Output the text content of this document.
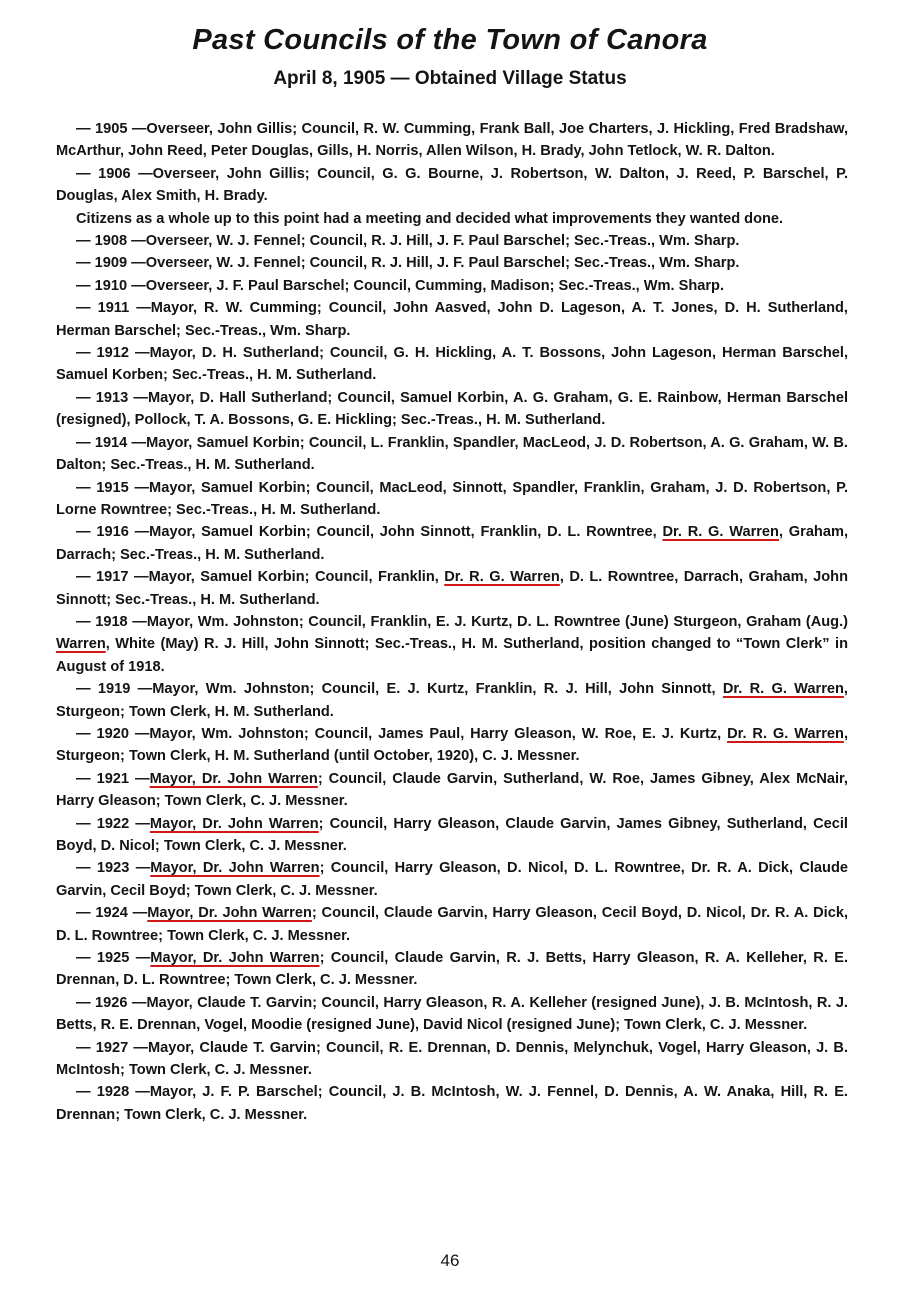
Past Councils of the Town of Canora
April 8, 1905 — Obtained Village Status

— 1905 —Overseer, John Gillis; Council, R. W. Cumming, Frank Ball, Joe Charters, J. Hickling, Fred Bradshaw, McArthur, John Reed, Peter Douglas, Gills, H. Norris, Allen Wilson, H. Brady, John Tetlock, W. R. Dalton.

— 1906 —Overseer, John Gillis; Council, G. G. Bourne, J. Robertson, W. Dalton, J. Reed, P. Barschel, P. Douglas, Alex Smith, H. Brady.

Citizens as a whole up to this point had a meeting and decided what improvements they wanted done.

— 1908 —Overseer, W. J. Fennel; Council, R. J. Hill, J. F. Paul Barschel; Sec.-Treas., Wm. Sharp.

— 1909 —Overseer, W. J. Fennel; Council, R. J. Hill, J. F. Paul Barschel; Sec.-Treas., Wm. Sharp.

— 1910 —Overseer, J. F. Paul Barschel; Council, Cumming, Madison; Sec.-Treas., Wm. Sharp.

— 1911 —Mayor, R. W. Cumming; Council, John Aasved, John D. Lageson, A. T. Jones, D. H. Sutherland, Herman Barschel; Sec.-Treas., Wm. Sharp.

— 1912 —Mayor, D. H. Sutherland; Council, G. H. Hickling, A. T. Bossons, John Lageson, Herman Barschel, Samuel Korben; Sec.-Treas., H. M. Sutherland.

— 1913 —Mayor, D. Hall Sutherland; Council, Samuel Korbin, A. G. Graham, G. E. Rainbow, Herman Barschel (resigned), Pollock, T. A. Bossons, G. E. Hickling; Sec.-Treas., H. M. Sutherland.

— 1914 —Mayor, Samuel Korbin; Council, L. Franklin, Spandler, MacLeod, J. D. Robertson, A. G. Graham, W. B. Dalton; Sec.-Treas., H. M. Sutherland.

— 1915 —Mayor, Samuel Korbin; Council, MacLeod, Sinnott, Spandler, Franklin, Graham, J. D. Robertson, P. Lorne Rowntree; Sec.-Treas., H. M. Sutherland.

— 1916 —Mayor, Samuel Korbin; Council, John Sinnott, Franklin, D. L. Rowntree, Dr. R. G. Warren, Graham, Darrach; Sec.-Treas., H. M. Sutherland.

— 1917 —Mayor, Samuel Korbin; Council, Franklin, Dr. R. G. Warren, D. L. Rowntree, Darrach, Graham, John Sinnott; Sec.-Treas., H. M. Sutherland.

— 1918 —Mayor, Wm. Johnston; Council, Franklin, E. J. Kurtz, D. L. Rowntree (June) Sturgeon, Graham (Aug.) Warren, White (May) R. J. Hill, John Sinnott; Sec.-Treas., H. M. Sutherland, position changed to “Town Clerk” in August of 1918.

— 1919 —Mayor, Wm. Johnston; Council, E. J. Kurtz, Franklin, R. J. Hill, John Sinnott, Dr. R. G. Warren, Sturgeon; Town Clerk, H. M. Sutherland.

— 1920 —Mayor, Wm. Johnston; Council, James Paul, Harry Gleason, W. Roe, E. J. Kurtz, Dr. R. G. Warren, Sturgeon; Town Clerk, H. M. Sutherland (until October, 1920), C. J. Messner.

— 1921 —Mayor, Dr. John Warren; Council, Claude Garvin, Sutherland, W. Roe, James Gibney, Alex McNair, Harry Gleason; Town Clerk, C. J. Messner.

— 1922 —Mayor, Dr. John Warren; Council, Harry Gleason, Claude Garvin, James Gibney, Sutherland, Cecil Boyd, D. Nicol; Town Clerk, C. J. Messner.

— 1923 —Mayor, Dr. John Warren; Council, Harry Gleason, D. Nicol, D. L. Rowntree, Dr. R. A. Dick, Claude Garvin, Cecil Boyd; Town Clerk, C. J. Messner.

— 1924 —Mayor, Dr. John Warren; Council, Claude Garvin, Harry Gleason, Cecil Boyd, D. Nicol, Dr. R. A. Dick, D. L. Rowntree; Town Clerk, C. J. Messner.

— 1925 —Mayor, Dr. John Warren; Council, Claude Garvin, R. J. Betts, Harry Gleason, R. A. Kelleher, R. E. Drennan, D. L. Rowntree; Town Clerk, C. J. Messner.

— 1926 —Mayor, Claude T. Garvin; Council, Harry Gleason, R. A. Kelleher (resigned June), J. B. McIntosh, R. J. Betts, R. E. Drennan, Vogel, Moodie (resigned June), David Nicol (resigned June); Town Clerk, C. J. Messner.

— 1927 —Mayor, Claude T. Garvin; Council, R. E. Drennan, D. Dennis, Melynchuk, Vogel, Harry Gleason, J. B. McIntosh; Town Clerk, C. J. Messner.

— 1928 —Mayor, J. F. P. Barschel; Council, J. B. McIntosh, W. J. Fennel, D. Dennis, A. W. Anaka, Hill, R. E. Drennan; Town Clerk, C. J. Messner.

46
